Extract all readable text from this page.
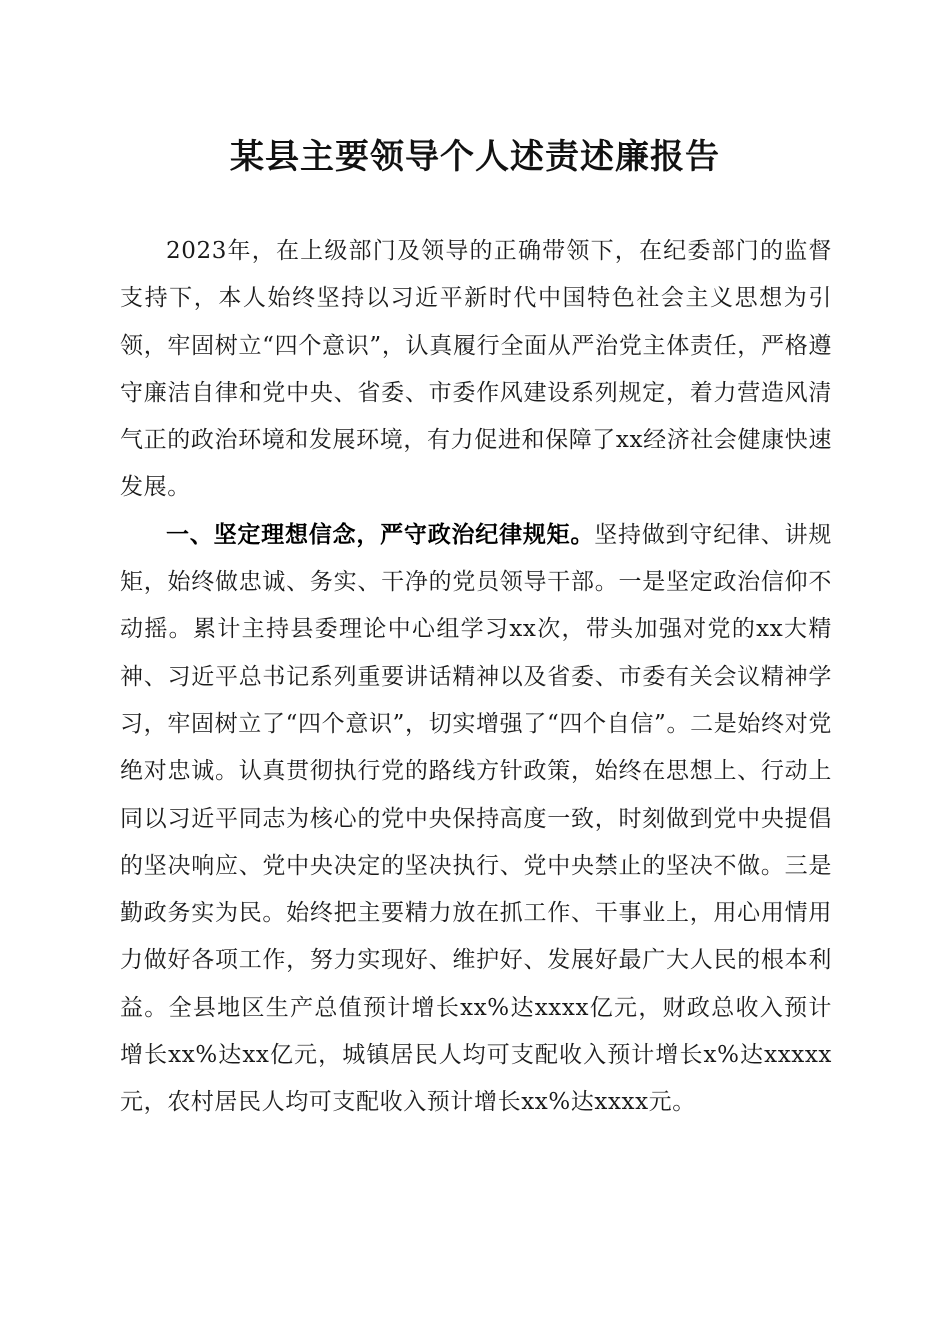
某县主要领导个人述责述廉报告

2023年，在上级部门及领导的正确带领下，在纪委部门的监督支持下，本人始终坚持以习近平新时代中国特色社会主义思想为引领，牢固树立“四个意识”，认真履行全面从严治党主体责任，严格遵守廉洁自律和党中央、省委、市委作风建设系列规定，着力营造风清气正的政治环境和发展环境，有力促进和保障了xx经济社会健康快速发展。

一、坚定理想信念，严守政治纪律规矩。坚持做到守纪律、讲规矩，始终做忠诚、务实、干净的党员领导干部。一是坚定政治信仰不动摇。累计主持县委理论中心组学习xx次，带头加强对党的xx大精神、习近平总书记系列重要讲话精神以及省委、市委有关会议精神学习，牢固树立了“四个意识”，切实增强了“四个自信”。二是始终对党绝对忠诚。认真贯彻执行党的路线方针政策，始终在思想上、行动上同以习近平同志为核心的党中央保持高度一致，时刻做到党中央提倡的坚决响应、党中央决定的坚决执行、党中央禁止的坚决不做。三是勤政务实为民。始终把主要精力放在抓工作、干事业上，用心用情用力做好各项工作，努力实现好、维护好、发展好最广大人民的根本利益。全县地区生产总值预计增长xx%达xxxx亿元，财政总收入预计增长xx%达xx亿元，城镇居民人均可支配收入预计增长x%达xxxxx元，农村居民人均可支配收入预计增长xx%达xxxx元。
